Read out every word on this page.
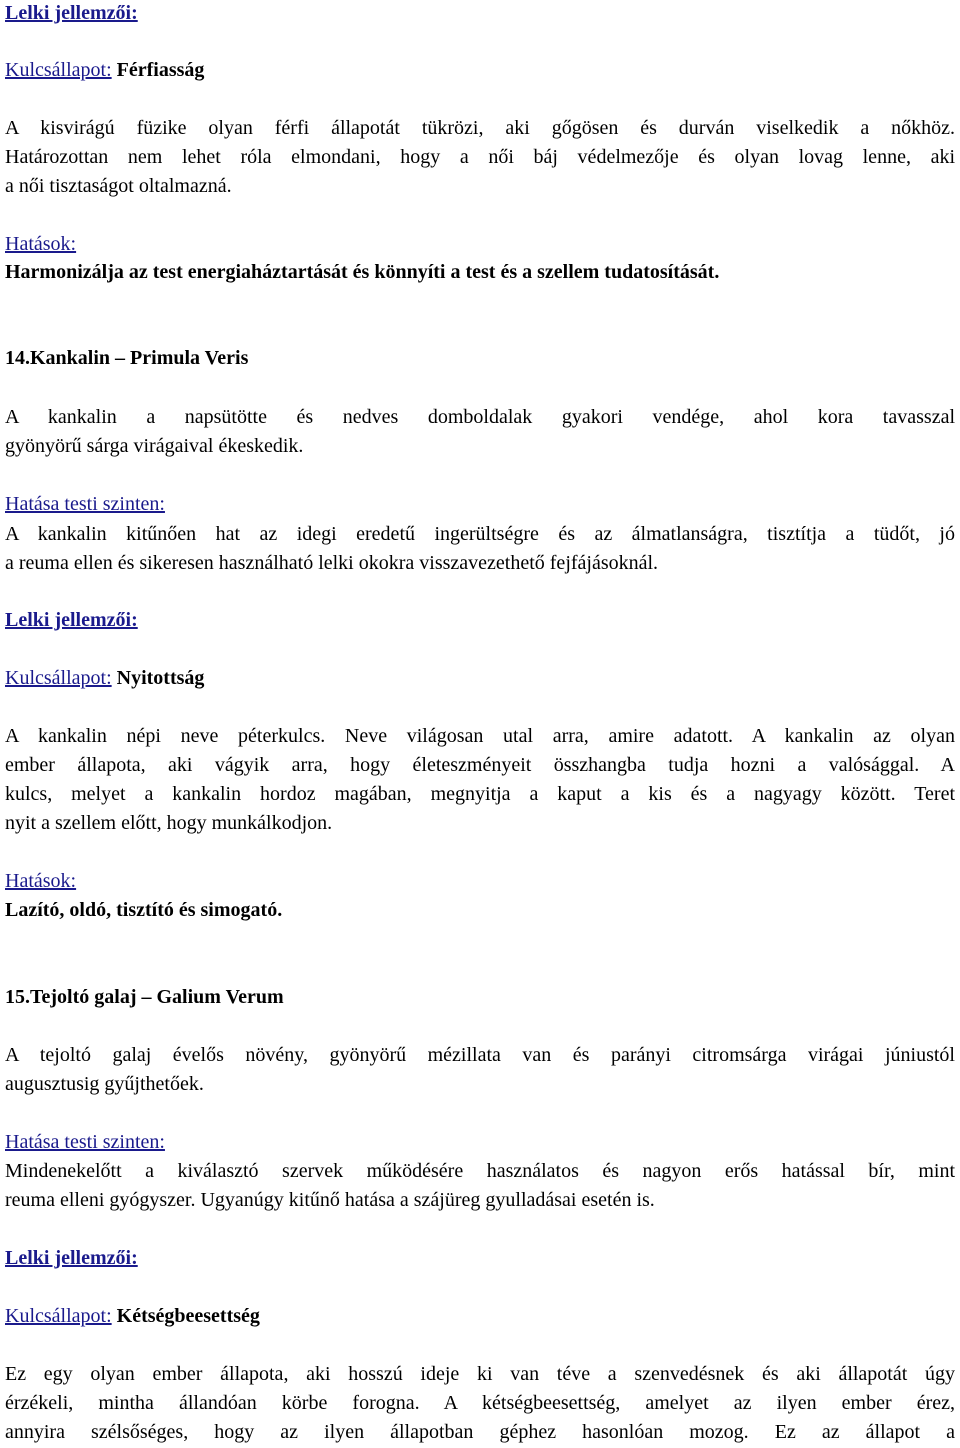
Lelki jellemzői:
Kulcsállapot: Férfiasság
A kisvirágú füzike olyan férfi állapotát tükrözi, aki gőgösen és durván viselkedik a nőkhöz.
Határozottan nem lehet róla elmondani, hogy a női báj védelmezője és olyan lovag lenne, aki
a női tisztaságot oltalmazná.
Hatások:
Harmonizálja az test energiaháztartását és könnyíti a test és a szellem tudatosítását.
14.Kankalin – Primula Veris
A kankalin a napsütötte és nedves domboldalak gyakori vendége, ahol kora tavasszal
gyönyörű sárga virágaival ékeskedik.
Hatása testi szinten:
A kankalin kitűnően hat az idegi eredetű ingerültségre és az álmatlanságra, tisztítja a tüdőt, jó
a reuma ellen és sikeresen használható lelki okokra visszavezethető fejfájásoknál.
Lelki jellemzői:
Kulcsállapot: Nyitottság
A kankalin népi neve péterkulcs. Neve világosan utal arra, amire adatott. A kankalin az olyan
ember állapota, aki vágyik arra, hogy életeszményeit összhangba tudja hozni a valósággal. A
kulcs, melyet a kankalin hordoz magában, megnyitja a kaput a kis és a nagyagy között. Teret
nyit a szellem előtt, hogy munkálkodjon.
Hatások:
Lazító, oldó, tisztító és simogató.
15.Tejoltó galaj – Galium Verum
A tejoltó galaj évelős növény, gyönyörű mézillata van és parányi citromsárga virágai júniustól
augusztusig gyűjthetőek.
Hatása testi szinten:
Mindenekelőtt a kiválasztó szervek működésére használatos és nagyon erős hatással bír, mint
reuma elleni gyógyszer. Ugyanúgy kitűnő hatása a szájüreg gyulladásai esetén is.
Lelki jellemzői:
Kulcsállapot: Kétségbeesettség
Ez egy olyan ember állapota, aki hosszú ideje ki van téve a szenvedésnek és aki állapotát úgy
érzékeli, mintha állandóan körbe forogna. A kétségbeesettség, amelyet az ilyen ember érez,
annyira szélsőséges, hogy az ilyen állapotban géphez hasonlóan mozog. Ez az állapot a
